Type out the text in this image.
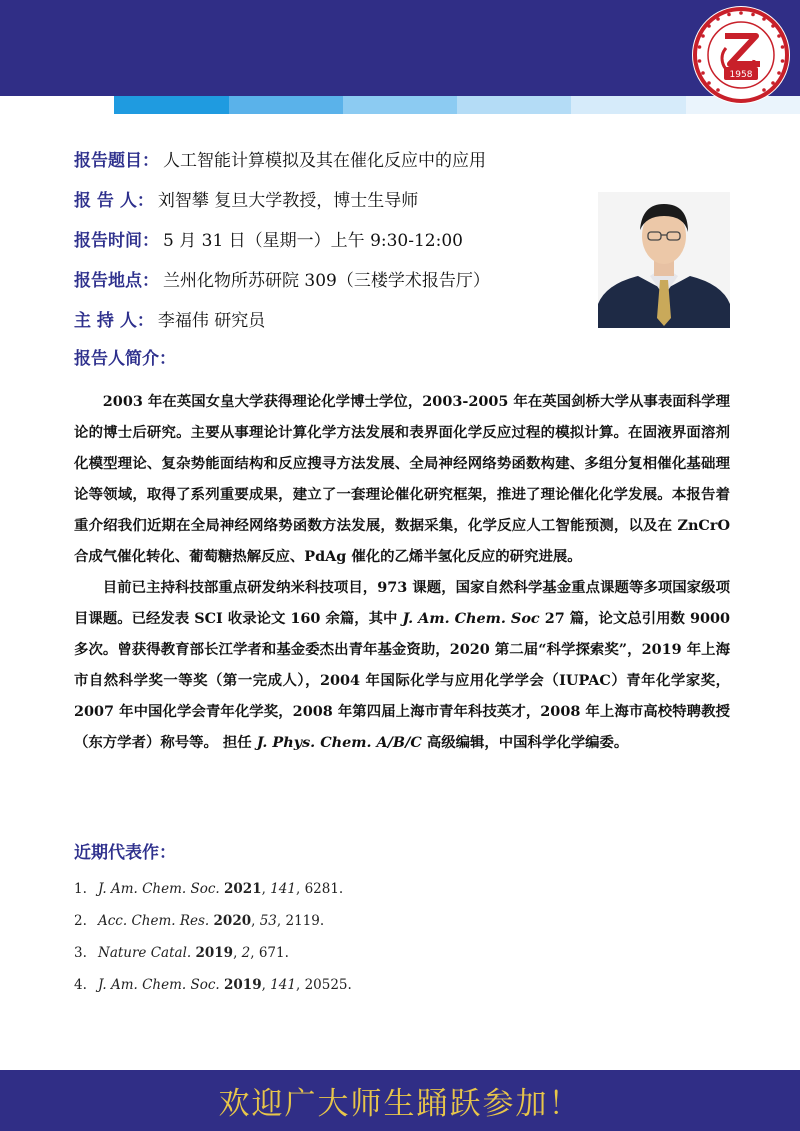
1958
报告题目： 人工智能计算模拟及其在催化反应中的应用
报 告 人： 刘智攀 复旦大学教授，博士生导师
报告时间： 5 月 31 日（星期一）上午 9:30-12:00
报告地点： 兰州化物所苏研院 309（三楼学术报告厅）
主 持 人： 李福伟 研究员
报告人简介：

2003 年在英国女皇大学获得理论化学博士学位，2003-2005 年在英国剑桥大学从事表面科学理论的博士后研究。主要从事理论计算化学方法发展和表界面化学反应过程的模拟计算。在固液界面溶剂化模型理论、复杂势能面结构和反应搜寻方法发展、全局神经网络势函数构建、多组分复相催化基础理论等领域，取得了系列重要成果，建立了一套理论催化研究框架，推进了理论催化化学发展。本报告着重介绍我们近期在全局神经网络势函数方法发展，数据采集，化学反应人工智能预测，以及在 ZnCrO 合成气催化转化、葡萄糖热解反应、PdAg 催化的乙烯半氢化反应的研究进展。

目前已主持科技部重点研发纳米科技项目，973 课题，国家自然科学基金重点课题等多项国家级项目课题。已经发表 SCI 收录论文 160 余篇，其中 J. Am. Chem. Soc 27 篇，论文总引用数 9000 多次。曾获得教育部长江学者和基金委杰出青年基金资助，2020 第二届“科学探索奖”，2019 年上海市自然科学奖一等奖（第一完成人），2004 年国际化学与应用化学学会（IUPAC）青年化学家奖，2007 年中国化学会青年化学奖，2008 年第四届上海市青年科技英才，2008 年上海市高校特聘教授（东方学者）称号等。 担任 J. Phys. Chem. A/B/C 高级编辑，中国科学化学编委。

近期代表作：
1. J. Am. Chem. Soc.
2021 , 141 , 6281.
2. Acc. Chem. Res.
2020 , 53 , 2119.
3. Nature Catal.
2019 , 2 , 671.
4. J. Am. Chem. Soc.
2019 , 141 , 20525.
欢迎广大师生踊跃参加！
